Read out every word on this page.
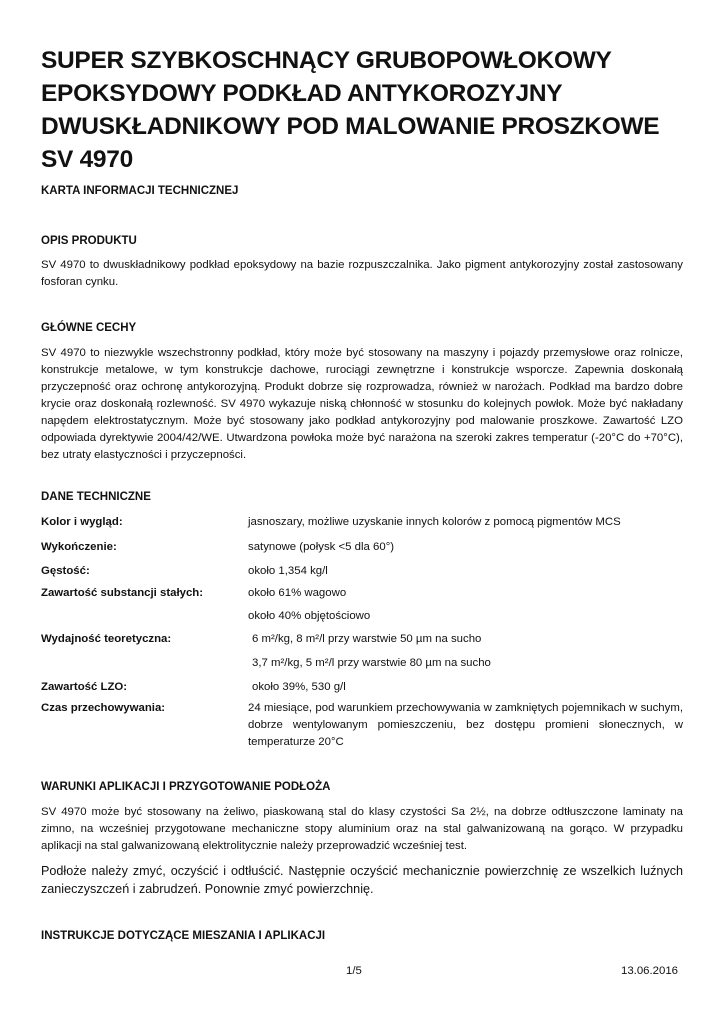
SUPER SZYBKOSCHNĄCY GRUBOPOWŁOKOWY
EPOKSYDOWY PODKŁAD ANTYKOROZYJNY
DWUSKŁADNIKOWY POD MALOWANIE PROSZKOWE
SV 4970
KARTA INFORMACJI TECHNICZNEJ
OPIS PRODUKTU

SV 4970 to dwuskładnikowy podkład epoksydowy na bazie rozpuszczalnika. Jako pigment antykorozyjny został zastosowany fosforan cynku.

GŁÓWNE CECHY

SV 4970 to niezwykle wszechstronny podkład, który może być stosowany na maszyny i pojazdy przemysłowe oraz rolnicze, konstrukcje metalowe, w tym konstrukcje dachowe, rurociągi zewnętrzne i konstrukcje wsporcze. Zapewnia doskonałą przyczepność oraz ochronę antykorozyjną. Produkt dobrze się rozprowadza, również w narożach. Podkład ma bardzo dobre krycie oraz doskonałą rozlewność. SV 4970 wykazuje niską chłonność w stosunku do kolejnych powłok. Może być nakładany napędem elektrostatycznym. Może być stosowany jako podkład antykorozyjny pod malowanie proszkowe. Zawartość LZO odpowiada dyrektywie 2004/42/WE. Utwardzona powłoka może być narażona na szeroki zakres temperatur (-20°C do +70°C), bez utraty elastyczności i przyczepności.

DANE TECHNICZNE
Kolor i wygląd:	jasnoszary, możliwe uzyskanie innych kolorów z pomocą pigmentów MCS
Wykończenie:	satynowe (połysk <5 dla 60°)
Gęstość:	około 1,354 kg/l
Zawartość substancji stałych:	około 61% wagowo
około 40% objętościowo
Wydajność teoretyczna:	6 m²/kg, 8 m²/l przy warstwie 50 µm na sucho
3,7 m²/kg, 5 m²/l przy warstwie 80 µm na sucho
Zawartość LZO:	około 39%, 530 g/l
Czas przechowywania:	24 miesiące, pod warunkiem przechowywania w zamkniętych pojemnikach w suchym, dobrze wentylowanym pomieszczeniu, bez dostępu promieni słonecznych, w temperaturze 20°C
WARUNKI APLIKACJI I PRZYGOTOWANIE PODŁOŻA

SV 4970 może być stosowany na żeliwo, piaskowaną stal do klasy czystości Sa 2½, na dobrze odtłuszczone laminaty na zimno, na wcześniej przygotowane mechaniczne stopy aluminium oraz na stal galwanizowaną na gorąco. W przypadku aplikacji na stal galwanizowaną elektrolitycznie należy przeprowadzić wcześniej test.

Podłoże należy zmyć, oczyścić i odtłuścić. Następnie oczyścić mechanicznie powierzchnię ze wszelkich luźnych zanieczyszczeń i zabrudzeń. Ponownie zmyć powierzchnię.

INSTRUKCJE DOTYCZĄCE MIESZANIA I APLIKACJI
1/5	13.06.2016
